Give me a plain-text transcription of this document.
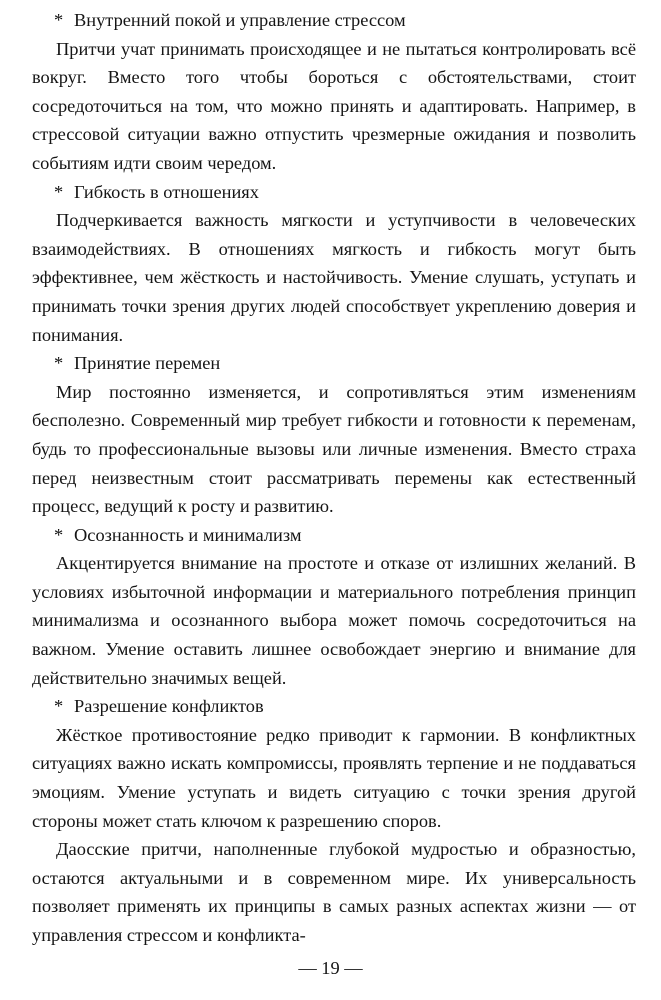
* Внутренний покой и управление стрессом

Притчи учат принимать происходящее и не пытаться контролировать всё вокруг. Вместо того чтобы бороться с обстоятельствами, стоит сосредоточиться на том, что можно принять и адаптировать. Например, в стрессовой ситуации важно отпустить чрезмерные ожидания и позволить событиям идти своим чередом.

* Гибкость в отношениях

Подчеркивается важность мягкости и уступчивости в человеческих взаимодействиях. В отношениях мягкость и гибкость могут быть эффективнее, чем жёсткость и настойчивость. Умение слушать, уступать и принимать точки зрения других людей способствует укреплению доверия и понимания.

* Принятие перемен

Мир постоянно изменяется, и сопротивляться этим изменениям бесполезно. Современный мир требует гибкости и готовности к переменам, будь то профессиональные вызовы или личные изменения. Вместо страха перед неизвестным стоит рассматривать перемены как естественный процесс, ведущий к росту и развитию.

* Осознанность и минимализм

Акцентируется внимание на простоте и отказе от излишних желаний. В условиях избыточной информации и материального потребления принцип минимализма и осознанного выбора может помочь сосредоточиться на важном. Умение оставить лишнее освобождает энергию и внимание для действительно значимых вещей.

* Разрешение конфликтов

Жёсткое противостояние редко приводит к гармонии. В конфликтных ситуациях важно искать компромиссы, проявлять терпение и не поддаваться эмоциям. Умение уступать и видеть ситуацию с точки зрения другой стороны может стать ключом к разрешению споров.

Даосские притчи, наполненные глубокой мудростью и образностью, остаются актуальными и в современном мире. Их универсальность позволяет применять их принципы в самых разных аспектах жизни — от управления стрессом и конфликта-

— 19 —
